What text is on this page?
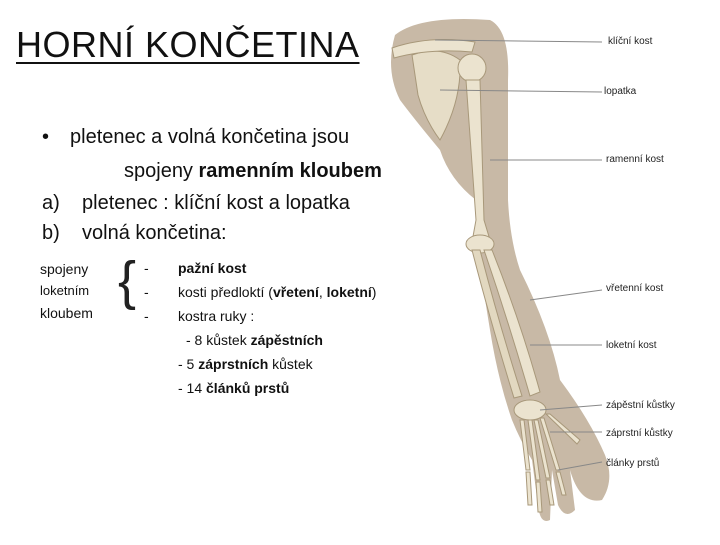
HORNÍ KONČETINA
• pletenec a volná končetina jsou
spojeny ramenním kloubem
a) pletenec : klíční kost a lopatka
b) volná končetina:
spojeny
loketním
kloubem
{ -
-
-
pažní kost
kosti předloktí (vřetení, loketní)
kostra ruky :
- 8 kůstek zápěstních
- 5 záprstních kůstek
- 14 článků prstů
klíční kost
lopatka
ramenní kost
vřetenní kost
loketní kost
zápěstní kůstky
záprstní kůstky
články prstů
